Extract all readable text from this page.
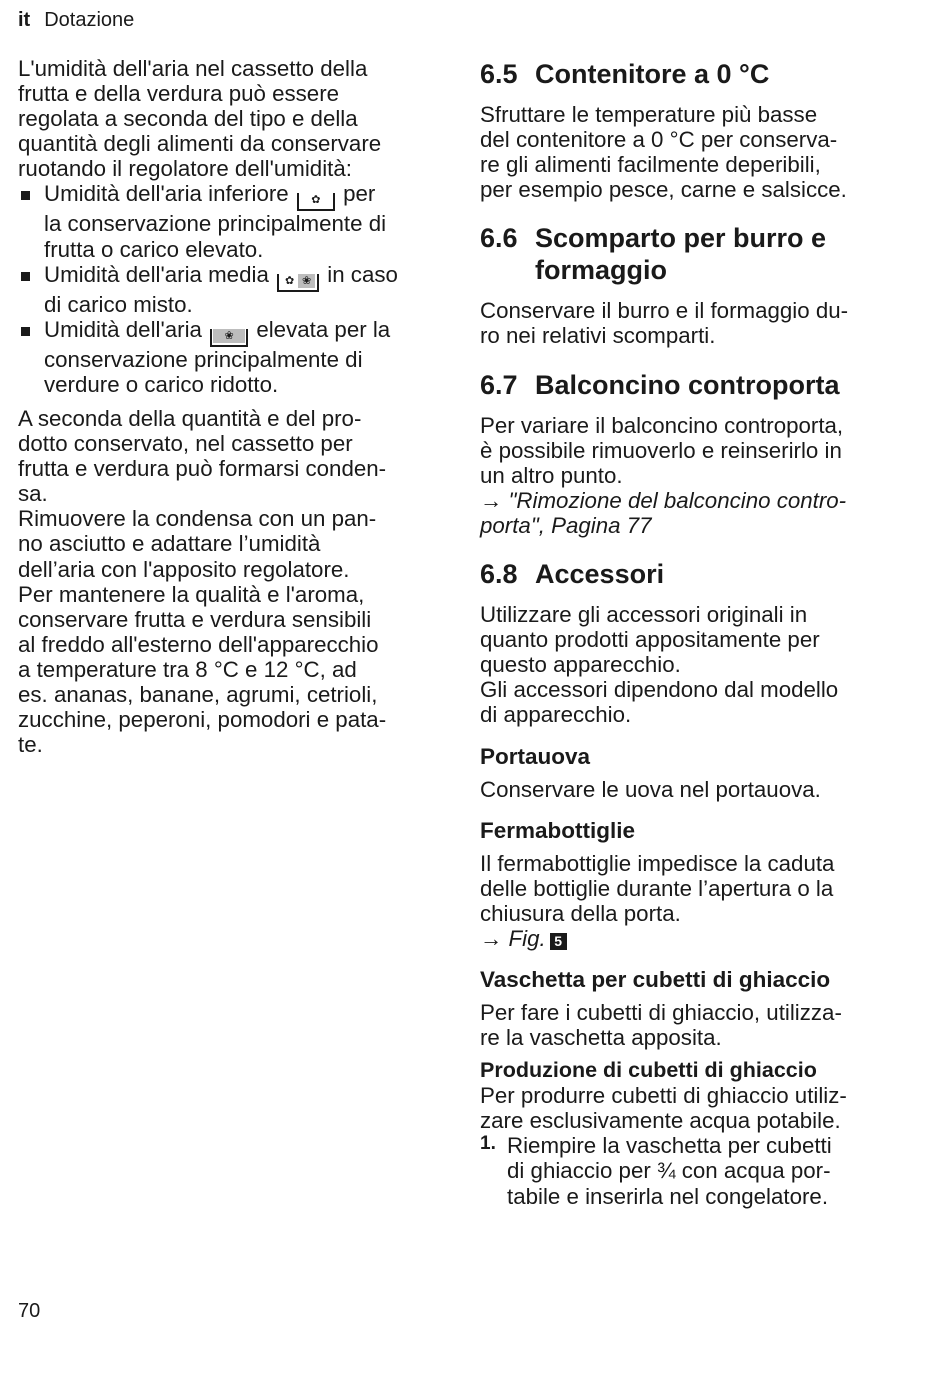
it Dotazione

L'umidità dell'aria nel cassetto della

frutta e della verdura può essere

regolata a seconda del tipo e della

quantità degli alimenti da conservare

ruotando il regolatore dell'umidità:

Umidità dell'aria inferiore ✿ per

la conservazione principalmente di

frutta o carico elevato.

Umidità dell'aria media ✿ ❀ in caso

di carico misto.

Umidità dell'aria ❀ elevata per la

conservazione principalmente di

verdure o carico ridotto.

A seconda della quantità e del pro-

dotto conservato, nel cassetto per

frutta e verdura può formarsi conden-

sa.

Rimuovere la condensa con un pan-

no asciutto e adattare l’umidità

dell’aria con l'apposito regolatore.

Per mantenere la qualità e l'aroma,

conservare frutta e verdura sensibili

al freddo all'esterno dell'apparecchio

a temperature tra 8 °C e 12 °C, ad

es. ananas, banane, agrumi, cetrioli,

zucchine, peperoni, pomodori e pata-

te.

6.5 Contenitore a 0 °C

Sfruttare le temperature più basse

del contenitore a 0 °C per conserva-

re gli alimenti facilmente deperibili,

per esempio pesce, carne e salsicce.

6.6 Scomparto per burro e
formaggio

Conservare il burro e il formaggio du-

ro nei relativi scomparti.

6.7 Balconcino controporta

Per variare il balconcino controporta,

è possibile rimuoverlo e reinserirlo in

un altro punto.

→ "Rimozione del balconcino contro-

porta", Pagina 77

6.8 Accessori

Utilizzare gli accessori originali in

quanto prodotti appositamente per

questo apparecchio.

Gli accessori dipendono dal modello

di apparecchio.

Portauova

Conservare le uova nel portauova.

Fermabottiglie

Il fermabottiglie impedisce la caduta

delle bottiglie durante l’apertura o la

chiusura della porta.

→ Fig. 5

Vaschetta per cubetti di ghiaccio

Per fare i cubetti di ghiaccio, utilizza-

re la vaschetta apposita.

Produzione di cubetti di ghiaccio

Per produrre cubetti di ghiaccio utiliz-

zare esclusivamente acqua potabile.

1. Riempire la vaschetta per cubetti

di ghiaccio per ¾ con acqua por-

tabile e inserirla nel congelatore.

70
